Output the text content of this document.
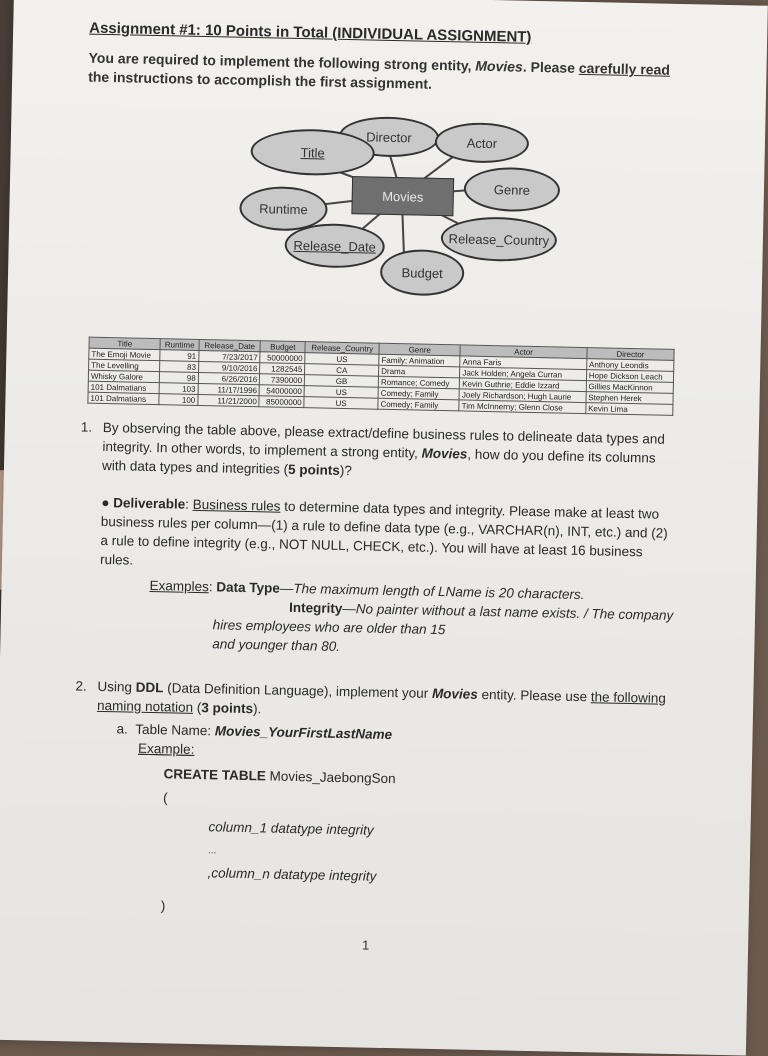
Assignment #1: 10 Points in Total (INDIVIDUAL ASSIGNMENT)

You are required to implement the following strong entity, Movies. Please carefully read the instructions to accomplish the first assignment.

Director	Actor
Title
Genre
Runtime
Release_Country
Release_Date
Budget
Movies
Title	Runtime	Release_Date	Budget	Release_Country	Genre	Actor	Director
The Emoji Movie	91	7/23/2017	50000000	US	Family; Animation	Anna Faris	Anthony Leondis
The Levelling	83	9/10/2016	1282545	CA	Drama	Jack Holden; Angela Curran	Hope Dickson Leach
Whisky Galore	98	6/26/2016	7390000	GB	Romance; Comedy	Kevin Guthrie; Eddie Izzard	Gillies MacKinnon
101 Dalmatians	103	11/17/1996	54000000	US	Comedy; Family	Joely Richardson; Hugh Laurie	Stephen Herek
101 Dalmatians	100	11/21/2000	85000000	US	Comedy; Family	Tim McInnerny; Glenn Close	Kevin Lima
1. By observing the table above, please extract/define business rules to delineate data types and integrity. In other words, to implement a strong entity, Movies, how do you define its columns with data types and integrities (5 points)?
● Deliverable: Business rules to determine data types and integrity. Please make at least two business rules per column—(1) a rule to define data type (e.g., VARCHAR(n), INT, etc.) and (2) a rule to define integrity (e.g., NOT NULL, CHECK, etc.). You will have at least 16 business rules.
Examples: Data Type—The maximum length of LName is 20 characters.
Integrity—No painter without a last name exists. / The company
hires employees who are older than 15 and younger than 80.
2. Using DDL (Data Definition Language), implement your Movies entity. Please use the following naming notation (3 points).
a. Table Name: Movies_YourFirstLastName
Example:
CREATE TABLE Movies_JaebongSon
(
column_1 datatype integrity
...
,column_n datatype integrity
)
1
